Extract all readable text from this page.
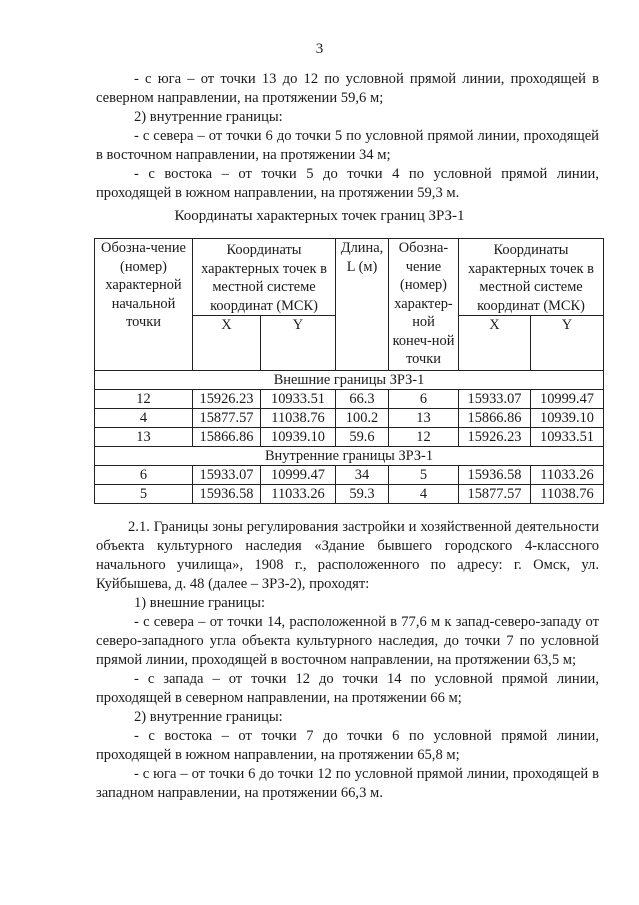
3

- с юга – от точки 13 до 12 по условной прямой линии, проходящей в северном направлении, на протяжении 59,6 м;

2) внутренние границы:

- с севера – от точки 6 до точки 5 по условной прямой линии, проходящей в восточном направлении, на протяжении 34 м;

- с востока – от точки 5 до точки 4 по условной прямой линии, проходящей в южном направлении, на протяжении 59,3 м.

Координаты характерных точек границ ЗРЗ-1
Обозна-чение (номер) характерной начальной точки	Координаты характерных точек в местной системе координат (МСК)		Длина, L (м)	Обозна-чение (номер) характер-ной конеч-ной точки	Координаты характерных точек в местной системе координат (МСК)	
	X	Y			X	Y
Внешние границы ЗРЗ-1						
12	15926.23	10933.51	66.3	6	15933.07	10999.47
4	15877.57	11038.76	100.2	13	15866.86	10939.10
13	15866.86	10939.10	59.6	12	15926.23	10933.51
Внутренние границы ЗРЗ-1						
6	15933.07	10999.47	34	5	15936.58	11033.26
5	15936.58	11033.26	59.3	4	15877.57	11038.76

2.1. Границы зоны регулирования застройки и хозяйственной деятельности объекта культурного наследия «Здание бывшего городского 4-классного начального училища», 1908 г., расположенного по адресу: г. Омск, ул. Куйбышева, д. 48 (далее – ЗРЗ-2), проходят:

1) внешние границы:

- с севера – от точки 14, расположенной в 77,6 м к запад-северо-западу от северо-западного угла объекта культурного наследия, до точки 7 по условной прямой линии, проходящей в восточном направлении, на протяжении 63,5 м;

- с запада – от точки 12 до точки 14 по условной прямой линии, проходящей в северном направлении, на протяжении 66 м;

2) внутренние границы:

- с востока – от точки 7 до точки 6 по условной прямой линии, проходящей в южном направлении, на протяжении 65,8 м;

- с юга – от точки 6 до точки 12 по условной прямой линии, проходящей в западном направлении, на протяжении 66,3 м.
